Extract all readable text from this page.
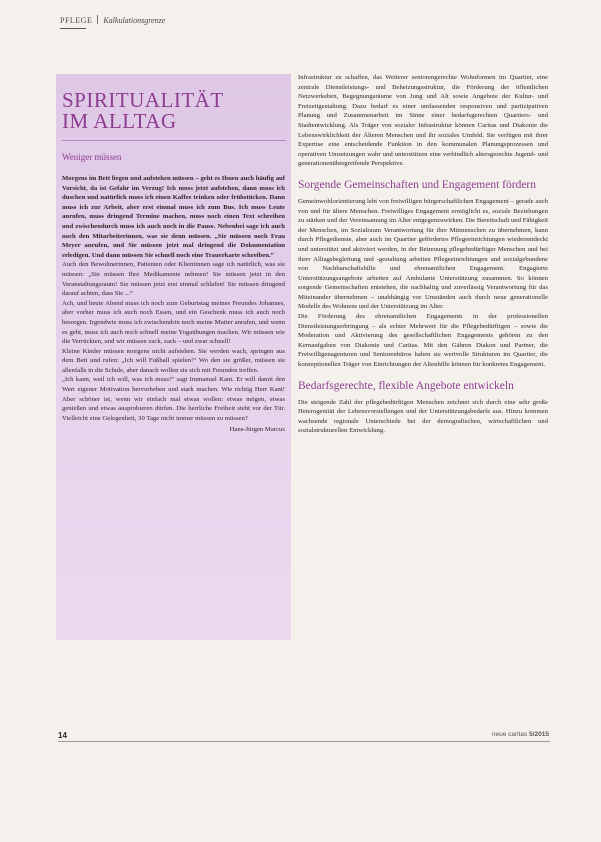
PFLEGE Kalkulationsgrenze
SPIRITUALITÄT
IM ALLTAG
Weniger müssen

Morgens im Bett liegen und aufstehen müssen – geht es Ihnen auch häufig auf Vorsicht, da ist Gefahr im Verzug! Ich muss jetzt aufstehen, dann muss ich duschen und natürlich muss ich einen Kaffee trinken oder frühstücken. Dann muss ich zur Arbeit, aber erst einmal muss ich zum Bus. Ich muss Leute anrufen, muss dringend Termine machen, muss noch einen Text schreiben und zwischendurch muss ich auch noch in die Pause. Nebenbei sage ich auch noch den Mitarbeiterinnen, was sie denn müssen. „Sie müssen noch Frau Meyer anrufen, und Sie müssen jetzt mal dringend die Dokumentation erledigen. Und dann müssen Sie schnell noch eine Trauerkarte schreiben.“

Auch den Bewohnerinnen, Patienten oder Klientinnen sage ich natürlich, was sie müssen: „Sie müssen Ihre Medikamente nehmen! Sie müssen jetzt in den Veranstaltungsraum! Sie müssen jetzt erst einmal schlafen! Sie müssen dringend darauf achten, dass Sie ...“

Ach, und heute Abend muss ich noch zum Geburtstag meines Freundes Johannes, aber vorher muss ich auch noch Essen, und ein Geschenk muss ich auch noch besorgen. Irgendwie muss ich zwischendrin noch meine Mutter anrufen, und wenn es geht, muss ich auch noch schnell meine Yogaübungen machen. Wir müssen wie die Verrückten, und wir müssen zack, zack – und zwar schnell!

Kleine Kinder müssen morgens nicht aufstehen. Sie werden wach, springen aus dem Bett und rufen: „Ich will Fußball spielen!“ Wo den sie größer, müssen sie allenfalls in die Schule, aber danach wollen sie sich mit Freunden treffen.

„Ich kann, weil ich will, was ich muss!“ sagt Immanuel Kant. Er will damit den Wert eigener Motivation hervorheben und stark machen. Wie richtig Herr Kant! Aber schöner ist, wenn wir einfach mal etwas wollen: etwas mögen, etwas genießen und etwas ausprobieren dürfen. Die herrliche Freiheit steht vor der Tür. Vielleicht eine Gelegenheit, 30 Tage nicht immer müssen zu müssen?

Hans-Jürgen Marcus

Infrastruktur zu schaffen, das Weiterer seniorengerechte Wohnformen im Quartier, eine zentrale Dienstleistungs- und Beheizungsstruktur, die Förderung der öffentlichen Netzwerkeben, Begegnungsräume von Jung und Alt sowie Angebote der Kultur- und Freizeitgestaltung. Dazu bedarf es einer umfassenden responsiven und partizipativen Planung und Zusammenarbeit im Sinne einer bedarfsgerechten Quartiers- und Stadtentwicklung. Als Träger von sozialer Infrastruktur können Caritas und Diakonie die Lebenswirklichkeit der Älteren Menschen und ihr soziales Umfeld. Sie verfügen mit ihrer Expertise eine entscheidende Funktion in den kommunalen Planungsprozessen und operativen Umsetzungen wahr und unterstützen eine verbindlich altersgerechte Jugend- und generationenübergreifende Perspektive.

Sorgende Gemeinschaften und Engagement fördern

Gemeinwohlorientierung lebt von freiwilligen bürgerschaftlichen Engagement – gerade auch von und für ältere Menschen. Freiwilliges Engagement ermöglicht es, soziale Beziehungen zu stärken und der Vereinsamung im Alter entgegenzuwirken. Die Bereitschaft und Fähigkeit der Menschen, im Sozialraum Verantwortung für ihre Mitmenschen zu übernehmen, kann durch Pflegedienste, aber auch im Quartier gefördertes Pflegeeinrichtungen wiederentdeckt und unterstützt und aktiviert werden, in der Betreuung pflegebedürftiger Menschen und bei ihrer Alltagsbegleitung und -gestaltung arbeiten Pflegeeinrichtungen und sozialgebundene von Nachbarschaftshilfe und ehrenamtlichen Engagement. Engagierte Unterstützungsangebote arbeiten auf Ambulante Unterstützung zusammen. So können sorgende Gemeinschaften entstehen, die nachhaltig und zuverlässig Verantwortung für das Miteinander übernehmen – unabhängig vor Umständen auch durch neue generationelle Modelle des Wohnens und der Unterstützung im Alter.

Die Förderung des ehrenamtlichen Engagements in der professionellen Dienstleistungserbringung – als echter Mehrwert für die Pflegebedürftigen – sowie die Moderation und Aktivierung des gesellschaftlichen Engagements gehören zu den Kernaufgaben von Diakonie und Caritas. Mit den Gähren Diakon und Partner, die Freiwilligenagenturen und Seniorenbüros haben sie wertvolle Strukturen im Quartier, die konzeptionellen Träger von Einrichtungen der Altenhilfe können für konkretes Engagement.

Bedarfsgerechte, flexible Angebote entwickeln

Die steigende Zahl der pflegebedürftigen Menschen zeichnet sich durch eine sehr große Heterogenität der Lebensvorstellungen und der Unterstützungsbedarfe aus. Hinzu kommen wachsende regionale Unterschiede bei der demografischen, wirtschaftlichen und sozialstrukturellen Entwicklung.

14	neue caritas 5/2015
